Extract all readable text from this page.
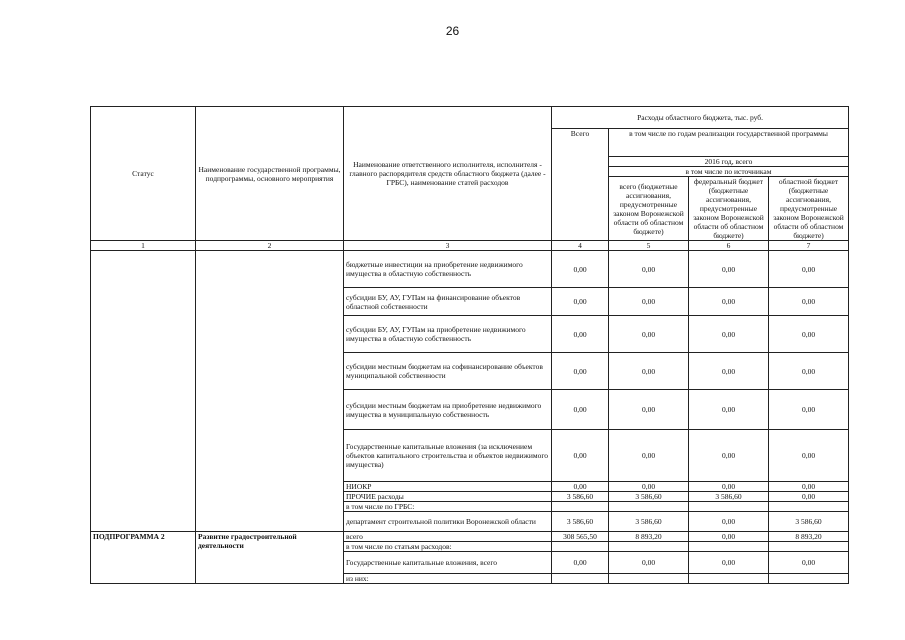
26
Статус	Наименование государственной программы, подпрограммы, основного мероприятия	Наименование ответственного исполнителя, исполнителя - главного распорядителя средств областного бюджета (далее - ГРБС), наименование статей расходов	Расходы областного бюджета, тыс. руб.			
			Всего	в том числе по годам реализации государственной программы		
				2016 год, всего		
				в том числе по источникам		
				всего (бюджетные ассигнования, предусмотренные законом Воронежской области об областном бюджете)	федеральный бюджет (бюджетные ассигнования, предусмотренные законом Воронежской области об областном бюджете)	областной бюджет (бюджетные ассигнования, предусмотренные законом Воронежской области об областном бюджете)
1	2	3	4	5	6	7
		бюджетные инвестиции на приобретение недвижимого имущества в областную собственность	0,00	0,00	0,00	0,00
		субсидии БУ, АУ, ГУПам на финансирование объектов областной собственности	0,00	0,00	0,00	0,00
		субсидии БУ, АУ, ГУПам на приобретение недвижимого имущества в областную собственность	0,00	0,00	0,00	0,00
		субсидии местным бюджетам на софинансирование объектов муниципальной собственности	0,00	0,00	0,00	0,00
		субсидии местным бюджетам на приобретение недвижимого имущества в муниципальную собственность	0,00	0,00	0,00	0,00
		Государственные капитальные вложения (за исключением объектов капитального строительства и объектов недвижимого имущества)	0,00	0,00	0,00	0,00
		НИОКР	0,00	0,00	0,00	0,00
		ПРОЧИЕ расходы	3 586,60	3 586,60	3 586,60	0,00
		в том числе по ГРБС:				
		департамент строительной политики Воронежской области	3 586,60	3 586,60	0,00	3 586,60
ПОДПРОГРАММА 2	Развитие градостроительной деятельности	всего	308 565,50	8 893,20	0,00	8 893,20
		в том числе по статьям расходов:				
		Государственные капитальные вложения, всего	0,00	0,00	0,00	0,00
		из них:				
